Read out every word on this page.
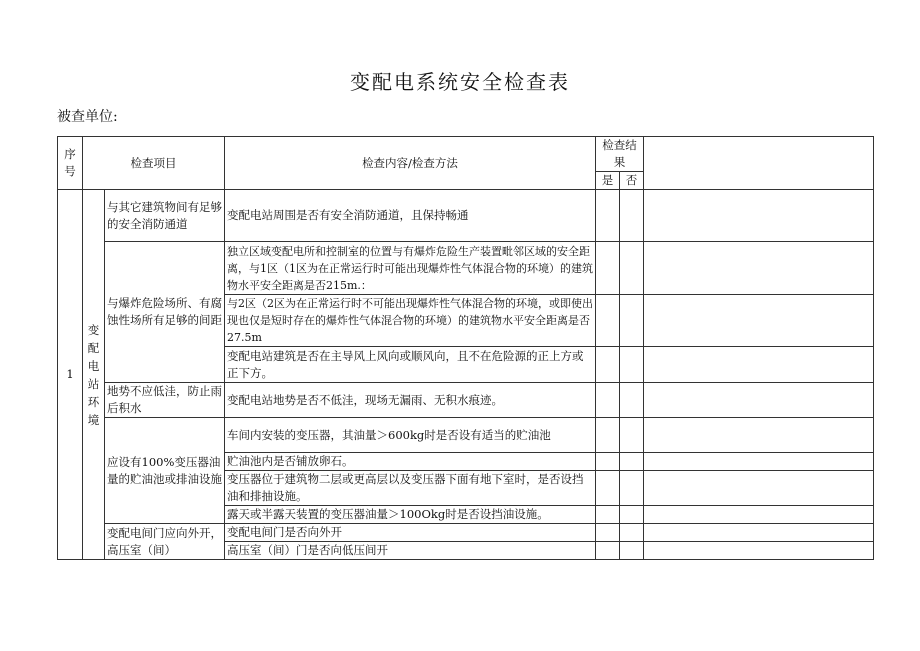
变配电系统安全检查表
被查单位:
序号	检查项目		检查内容/检查方法	检查结果		
				是	否	
1	变配电站环境	与其它建筑物间有足够的安全消防通道	变配电站周围是否有安全消防通道，且保持畅通			
		与爆炸危险场所、有腐蚀性场所有足够的间距	独立区域变配电所和控制室的位置与有爆炸危险生产装置毗邻区域的安全距离，与1区（1区为在正常运行时可能出现爆炸性气体混合物的环境）的建筑物水平安全距离是否215m.：			
			与2区（2区为在正常运行时不可能出现爆炸性气体混合物的环境，或即使出现也仅是短时存在的爆炸性气体混合物的环境）的建筑物水平安全距离是否27.5m			
			变配电站建筑是否在主导风上风向或顺风向，且不在危险源的正上方或正下方。			
		地势不应低洼，防止雨后积水	变配电站地势是否不低洼，现场无漏雨、无积水痕迹。			
		应设有100%变压器油量的贮油池或排油设施	车间内安装的变压器，其油量＞600kg时是否设有适当的贮油池			
			贮油池内是否铺放卵石。			
			变压器位于建筑物二层或更高层以及变压器下面有地下室时，是否设挡油和排抽设施。			
			露天或半露天装置的变压器油量＞100Okg时是否设挡油设施。			
		变配电间门应向外开，高压室（间）	变配电间门是否向外开			
			高压室（间）门是否向低压间开			
